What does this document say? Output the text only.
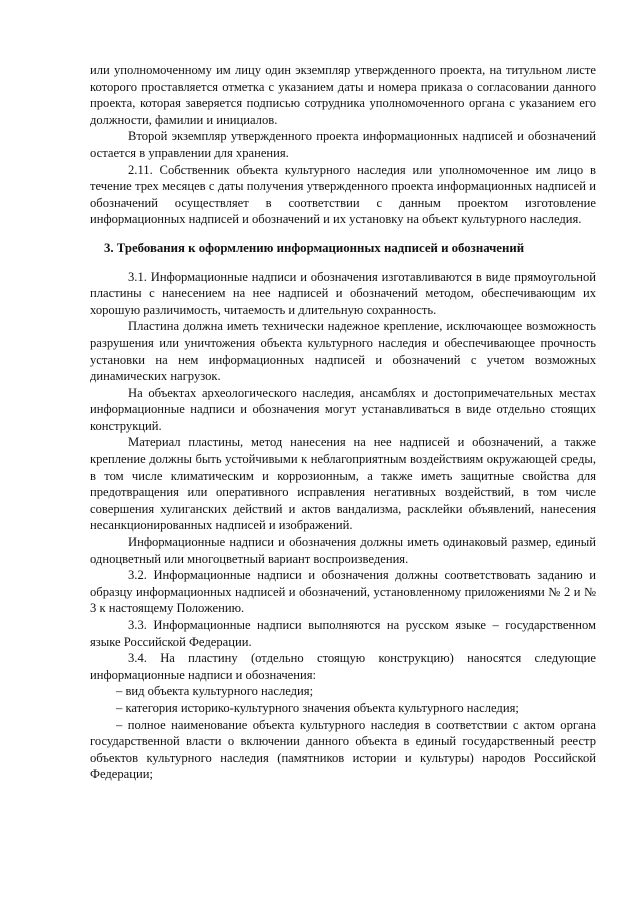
или уполномоченному им лицу один экземпляр утвержденного проекта, на титульном листе которого проставляется отметка с указанием даты и номера приказа о согласовании данного проекта, которая заверяется подписью сотрудника уполномоченного органа с указанием его должности, фамилии и инициалов.

Второй экземпляр утвержденного проекта информационных надписей и обозначений остается в управлении для хранения.

2.11. Собственник объекта культурного наследия или уполномоченное им лицо в течение трех месяцев с даты получения утвержденного проекта информационных надписей и обозначений осуществляет в соответствии с данным проектом изготовление информационных надписей и обозначений и их установку на объект культурного наследия.

3. Требования к оформлению информационных надписей и обозначений

3.1. Информационные надписи и обозначения изготавливаются в виде прямоугольной пластины с нанесением на нее надписей и обозначений методом, обеспечивающим их хорошую различимость, читаемость и длительную сохранность.

Пластина должна иметь технически надежное крепление, исключающее возможность разрушения или уничтожения объекта культурного наследия и обеспечивающее прочность установки на нем информационных надписей и обозначений с учетом возможных динамических нагрузок.

На объектах археологического наследия, ансамблях и достопримечательных местах информационные надписи и обозначения могут устанавливаться в виде отдельно стоящих конструкций.

Материал пластины, метод нанесения на нее надписей и обозначений, а также крепление должны быть устойчивыми к неблагоприятным воздействиям окружающей среды, в том числе климатическим и коррозионным, а также иметь защитные свойства для предотвращения или оперативного исправления негативных воздействий, в том числе совершения хулиганских действий и актов вандализма, расклейки объявлений, нанесения несанкционированных надписей и изображений.

Информационные надписи и обозначения должны иметь одинаковый размер, единый одноцветный или многоцветный вариант воспроизведения.

3.2. Информационные надписи и обозначения должны соответствовать заданию и образцу информационных надписей и обозначений, установленному приложениями № 2 и № 3 к настоящему Положению.

3.3. Информационные надписи выполняются на русском языке – государственном языке Российской Федерации.

3.4. На пластину (отдельно стоящую конструкцию) наносятся следующие информационные надписи и обозначения:

– вид объекта культурного наследия;

– категория историко-культурного значения объекта культурного наследия;

– полное наименование объекта культурного наследия в соответствии с актом органа государственной власти о включении данного объекта в единый государственный реестр объектов культурного наследия (памятников истории и культуры) народов Российской Федерации;
